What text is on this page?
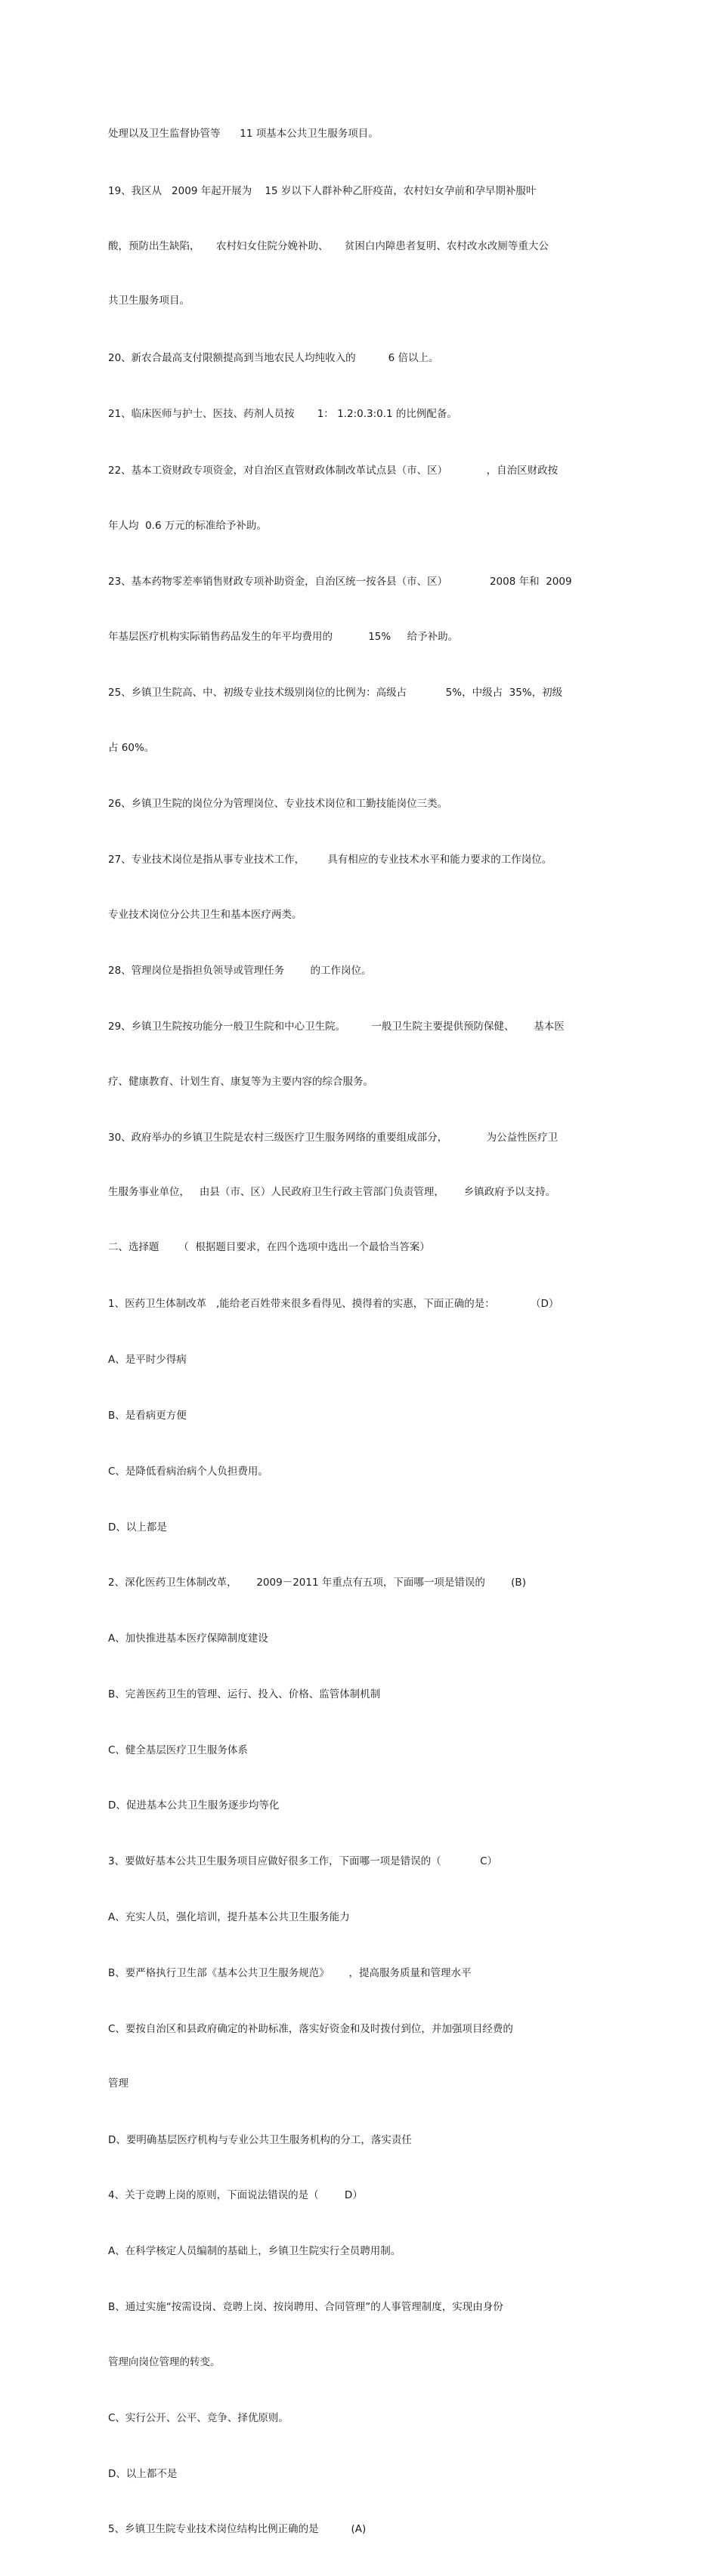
处理以及卫生监督协管等      11 项基本公共卫生服务项目。

19、我区从   2009 年起开展为    15 岁以下人群补种乙肝疫苗，农村妇女孕前和孕早期补服叶

酸，预防出生缺陷，     农村妇女住院分娩补助、     贫困白内障患者复明、农村改水改厕等重大公

共卫生服务项目。

20、新农合最高支付限额提高到当地农民人均纯收入的          6 倍以上。

21、临床医师与护士、医技、药剂人员按       1： 1.2:0.3:0.1 的比例配备。

22、基本工资财政专项资金，对自治区直管财政体制改革试点县（市、区）            ，自治区财政按

年人均  0.6 万元的标准给予补助。

23、基本药物零差率销售财政专项补助资金，自治区统一按各县（市、区）             2008 年和  2009

年基层医疗机构实际销售药品发生的年平均费用的           15%     给予补助。

25、乡镇卫生院高、中、初级专业技术级别岗位的比例为：高级占            5%，中级占  35%，初级

占 60%。

26、乡镇卫生院的岗位分为管理岗位、专业技术岗位和工勤技能岗位三类。

27、专业技术岗位是指从事专业技术工作，       具有相应的专业技术水平和能力要求的工作岗位。

专业技术岗位分公共卫生和基本医疗两类。

28、管理岗位是指担负领导或管理任务        的工作岗位。

29、乡镇卫生院按功能分一般卫生院和中心卫生院。        一般卫生院主要提供预防保健、      基本医

疗、健康教育、计划生育、康复等为主要内容的综合服务。

30、政府举办的乡镇卫生院是农村三级医疗卫生服务网络的重要组成部分，            为公益性医疗卫

生服务事业单位，   由县（市、区）人民政府卫生行政主管部门负责管理，      乡镇政府予以支持。

二、选择题      （  根据题目要求，在四个选项中选出一个最恰当答案）

1、医药卫生体制改革   ,能给老百姓带来很多看得见、摸得着的实惠，下面正确的是：           （D）

A、是平时少得病

B、是看病更方便

C、是降低看病治病个人负担费用。

D、以上都是

2、深化医药卫生体制改革，      2009－2011 年重点有五项，下面哪一项是错误的        (B)

A、加快推进基本医疗保障制度建设

B、完善医药卫生的管理、运行、投入、价格、监管体制机制

C、健全基层医疗卫生服务体系

D、促进基本公共卫生服务逐步均等化

3、要做好基本公共卫生服务项目应做好很多工作，下面哪一项是错误的（            C）

A、充实人员，强化培训，提升基本公共卫生服务能力

B、要严格执行卫生部《基本公共卫生服务规范》      ，提高服务质量和管理水平

C、要按自治区和县政府确定的补助标准，落实好资金和及时拨付到位，并加强项目经费的

管理

D、要明确基层医疗机构与专业公共卫生服务机构的分工，落实责任

4、关于竞聘上岗的原则，下面说法错误的是（        D）

A、在科学核定人员编制的基础上，乡镇卫生院实行全员聘用制。

B、通过实施“按需设岗、竞聘上岗、按岗聘用、合同管理”的人事管理制度，实现由身份

管理向岗位管理的转变。

C、实行公开、公平、竞争、择优原则。

D、以上都不是

5、乡镇卫生院专业技术岗位结构比例正确的是          (A)
